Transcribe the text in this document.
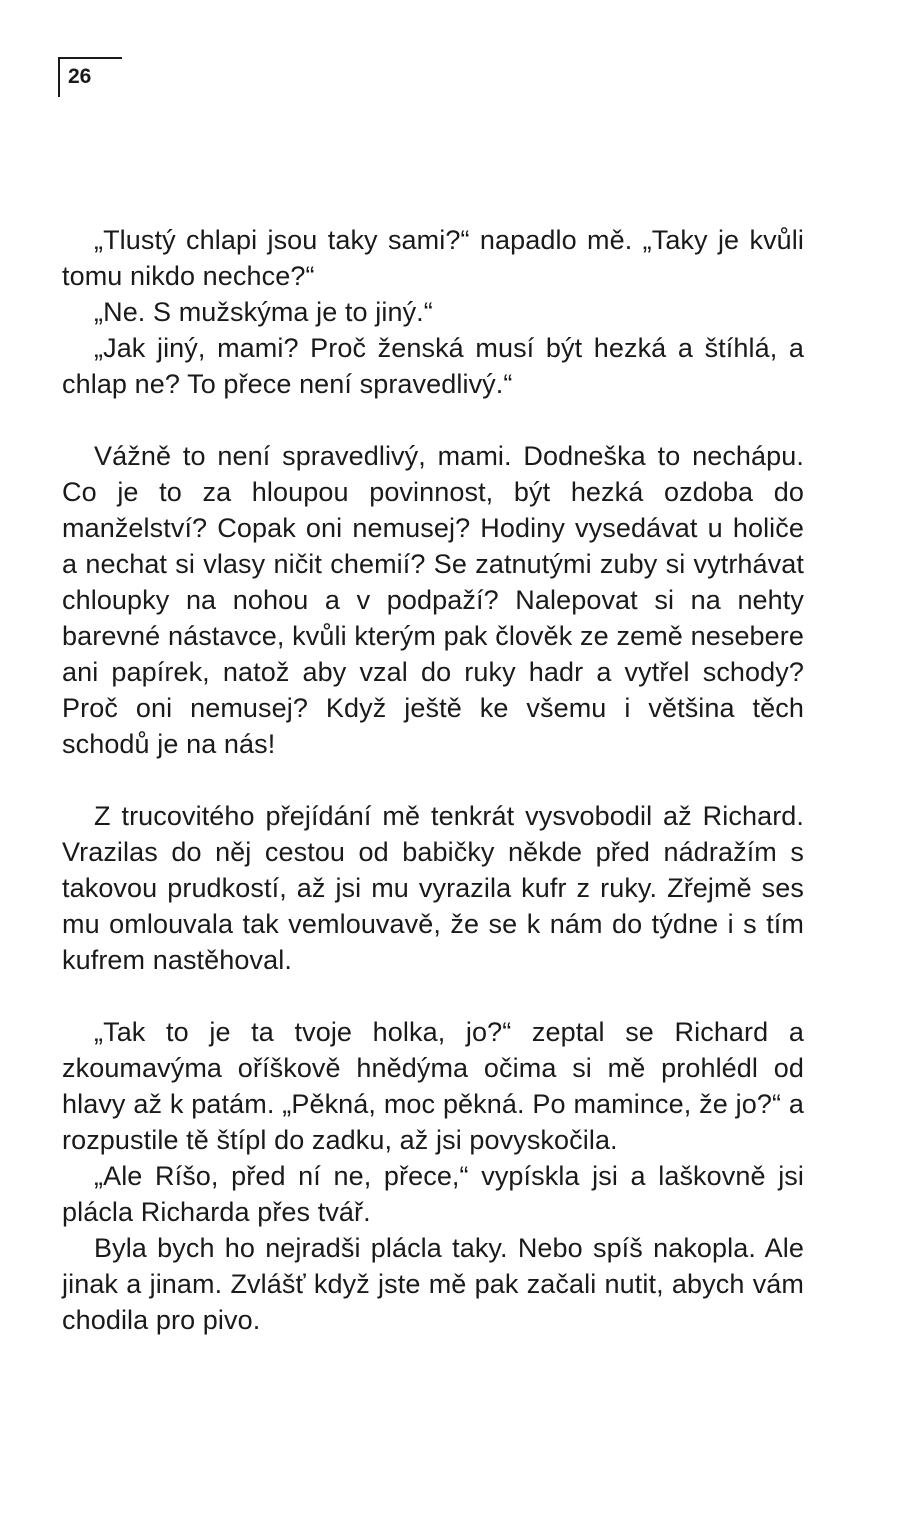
26

„Tlustý chlapi jsou taky sami?“ napadlo mě. „Taky je kvůli tomu nikdo nechce?“

„Ne. S mužskýma je to jiný.“

„Jak jiný, mami? Proč ženská musí být hezká a štíhlá, a chlap ne? To přece není spravedlivý.“

Vážně to není spravedlivý, mami. Dodneška to nechápu. Co je to za hloupou povinnost, být hezká ozdoba do manželství? Copak oni nemusej? Hodiny vysedávat u holiče a nechat si vlasy ničit chemií? Se zatnutými zuby si vytrhávat chloupky na nohou a v podpaží? Nalepovat si na nehty barevné nástavce, kvůli kterým pak člověk ze země nesebere ani papírek, natož aby vzal do ruky hadr a vytřel schody? Proč oni nemusej? Když ještě ke všemu i většina těch schodů je na nás!

Z trucovitého přejídání mě tenkrát vysvobodil až Richard. Vrazilas do něj cestou od babičky někde před nádražím s takovou prudkostí, až jsi mu vyrazila kufr z ruky. Zřejmě ses mu omlouvala tak vemlouvavě, že se k nám do týdne i s tím kufrem nastěhoval.

„Tak to je ta tvoje holka, jo?“ zeptal se Richard a zkoumavýma oříškově hnědýma očima si mě prohlédl od hlavy až k patám. „Pěkná, moc pěkná. Po mamince, že jo?“ a rozpustile tě štípl do zadku, až jsi povyskočila.

„Ale Ríšo, před ní ne, přece,“ vypískla jsi a laškovně jsi plácla Richarda přes tvář.

Byla bych ho nejradši plácla taky. Nebo spíš nakopla. Ale jinak a jinam. Zvlášť když jste mě pak začali nutit, abych vám chodila pro pivo.
